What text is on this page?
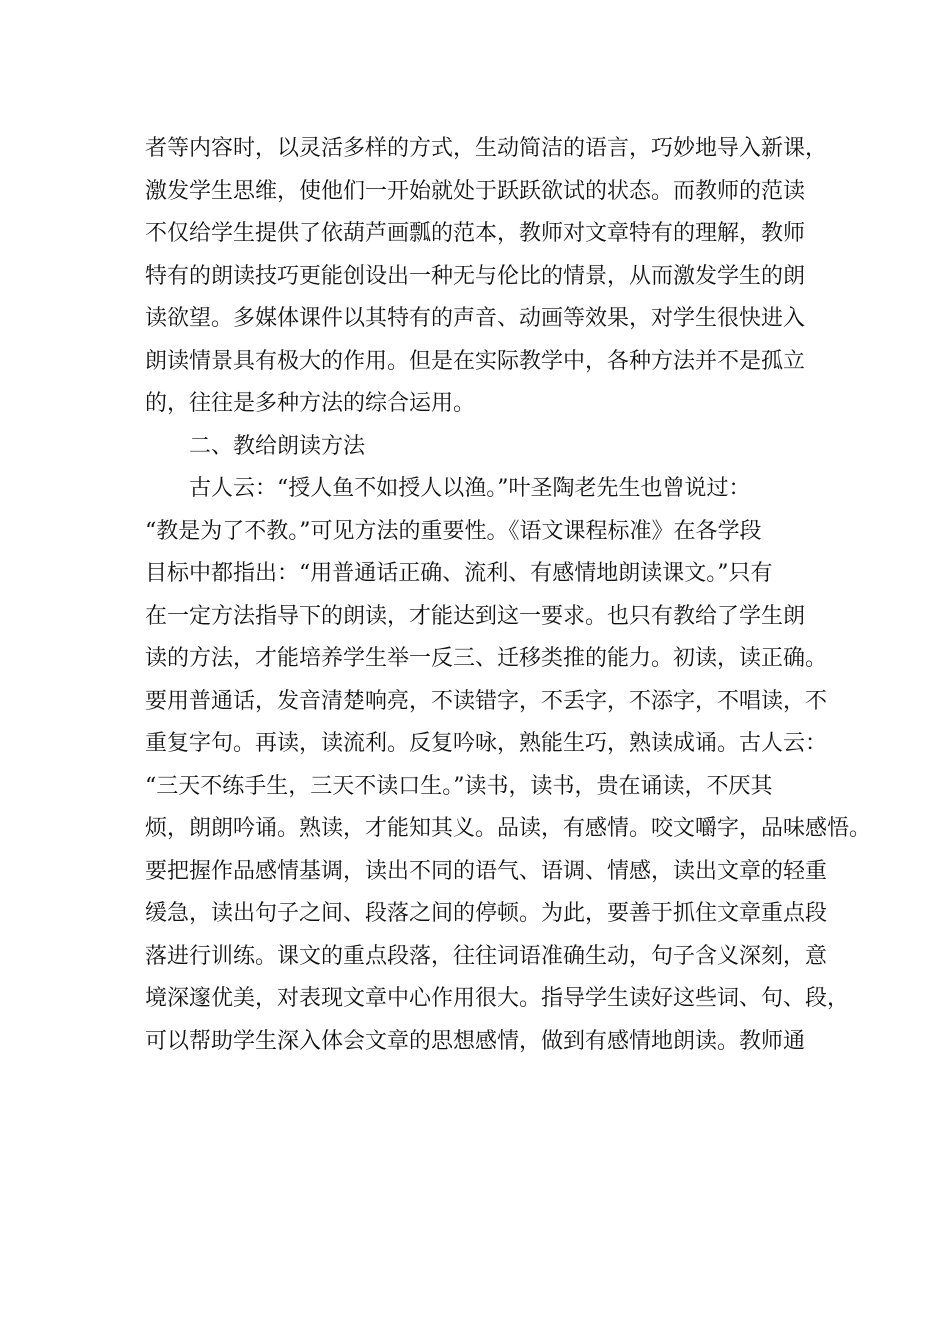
者等内容时，以灵活多样的方式，生动简洁的语言，巧妙地导入新课，
激发学生思维，使他们一开始就处于跃跃欲试的状态。而教师的范读
不仅给学生提供了依葫芦画瓢的范本，教师对文章特有的理解，教师
特有的朗读技巧更能创设出一种无与伦比的情景，从而激发学生的朗
读欲望。多媒体课件以其特有的声音、动画等效果，对学生很快进入
朗读情景具有极大的作用。但是在实际教学中，各种方法并不是孤立
的，往往是多种方法的综合运用。
二、教给朗读方法
古人云：“授人鱼不如授人以渔。”叶圣陶老先生也曾说过：
“教是为了不教。”可见方法的重要性。《语文课程标准》在各学段
目标中都指出：“用普通话正确、流利、有感情地朗读课文。”只有
在一定方法指导下的朗读，才能达到这一要求。也只有教给了学生朗
读的方法，才能培养学生举一反三、迁移类推的能力。初读，读正确。
要用普通话，发音清楚响亮，不读错字，不丢字，不添字，不唱读，不
重复字句。再读，读流利。反复吟咏，熟能生巧，熟读成诵。古人云：
“三天不练手生，三天不读口生。”读书，读书，贵在诵读，不厌其
烦，朗朗吟诵。熟读，才能知其义。品读，有感情。咬文嚼字，品味感悟。
要把握作品感情基调，读出不同的语气、语调、情感，读出文章的轻重
缓急，读出句子之间、段落之间的停顿。为此，要善于抓住文章重点段
落进行训练。课文的重点段落，往往词语准确生动，句子含义深刻，意
境深邃优美，对表现文章中心作用很大。指导学生读好这些词、句、段，
可以帮助学生深入体会文章的思想感情，做到有感情地朗读。教师通
